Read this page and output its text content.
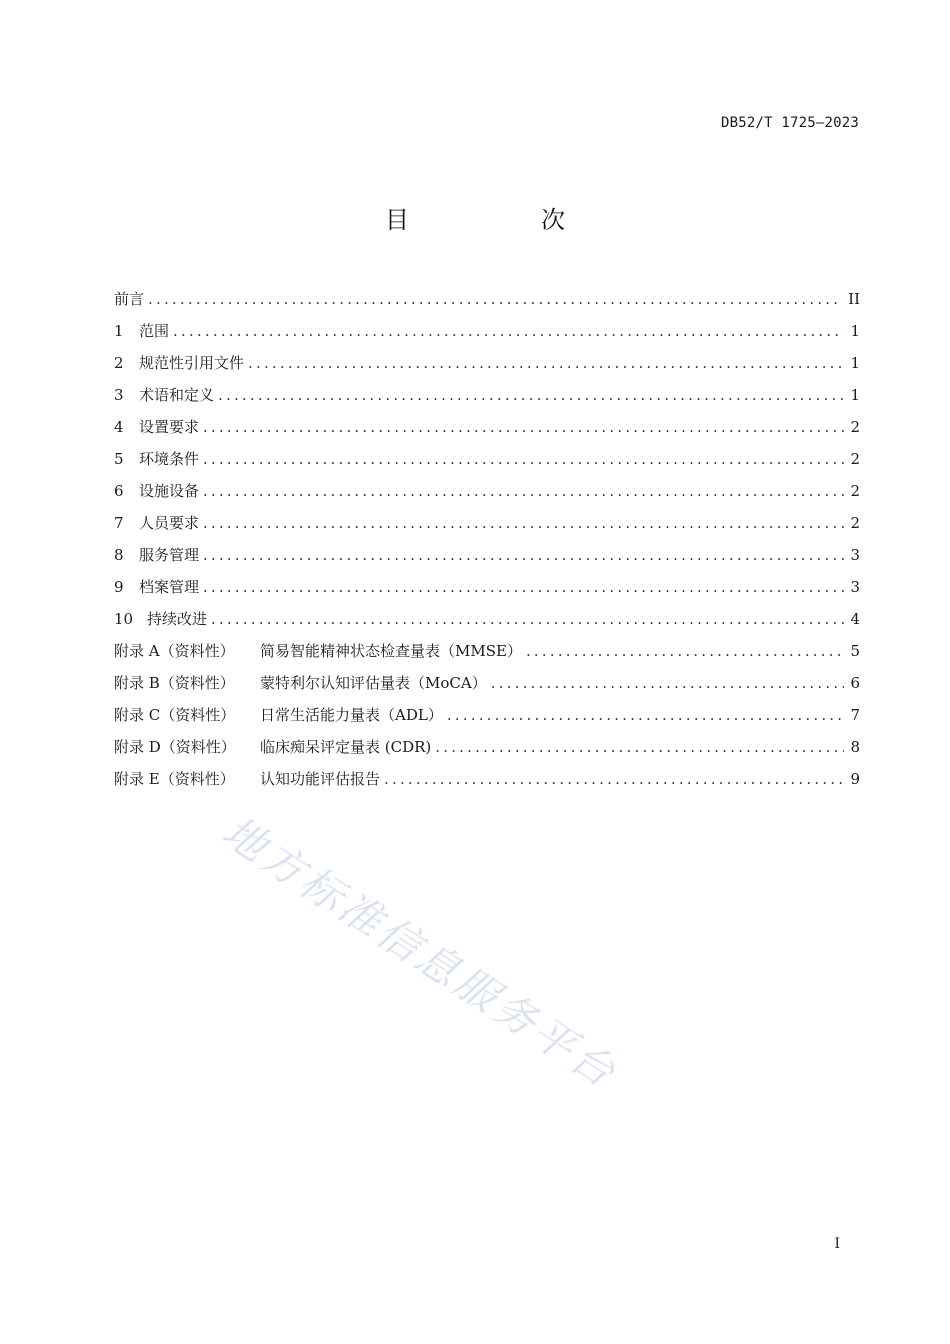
DB52/T 1725—2023
目　次
前言 .....	II
1	范围 .....	1
2	规范性引用文件 .....	1
3	术语和定义 .....	1
4	设置要求 .....	2
5	环境条件 .....	2
6	设施设备 .....	2
7	人员要求 .....	2
8	服务管理 .....	3
9	档案管理 .....	3
10 持续改进 .....	4
附录 A（资料性）	简易智能精神状态检查量表（MMSE） .....	5
附录 B（资料性）	蒙特利尔认知评估量表（MoCA） .....	6
附录 C（资料性）	日常生活能力量表（ADL） .....	7
附录 D（资料性）	临床痴呆评定量表 (CDR) .....	8
附录 E（资料性）	认知功能评估报告 .....	9
地方标准信息服务平台
I
